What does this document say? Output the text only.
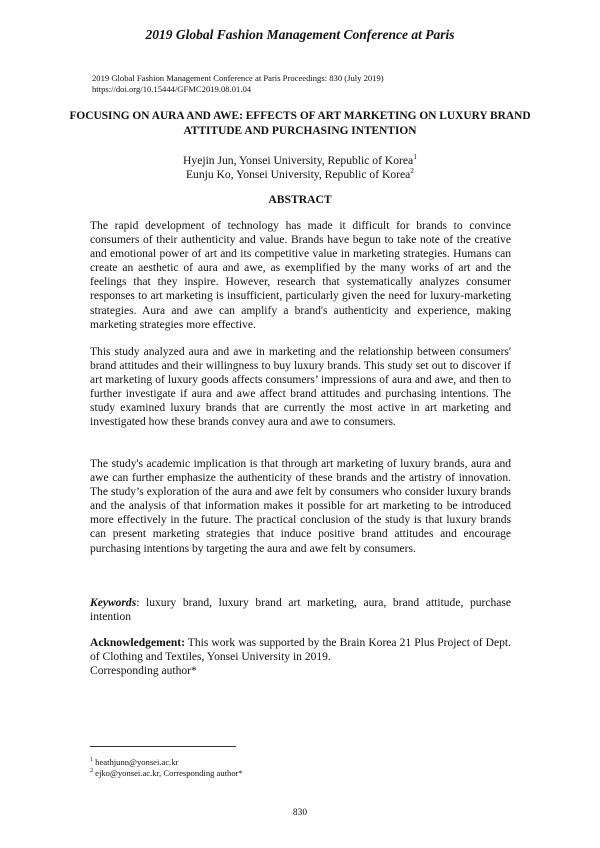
2019 Global Fashion Management Conference at Paris
2019 Global Fashion Management Conference at Paris Proceedings: 830 (July 2019)
https://doi.org/10.15444/GFMC2019.08.01.04
FOCUSING ON AURA AND AWE: EFFECTS OF ART MARKETING ON LUXURY BRAND ATTITUDE AND PURCHASING INTENTION
Hyejin Jun, Yonsei University, Republic of Korea$^1$
Eunju Ko, Yonsei University, Republic of Korea$^2$
ABSTRACT
The rapid development of technology has made it difficult for brands to convince consumers of their authenticity and value. Brands have begun to take note of the creative and emotional power of art and its competitive value in marketing strategies. Humans can create an aesthetic of aura and awe, as exemplified by the many works of art and the feelings that they inspire. However, research that systematically analyzes consumer responses to art marketing is insufficient, particularly given the need for luxury-marketing strategies. Aura and awe can amplify a brand's authenticity and experience, making marketing strategies more effective.
This study analyzed aura and awe in marketing and the relationship between consumers' brand attitudes and their willingness to buy luxury brands. This study set out to discover if art marketing of luxury goods affects consumers’ impressions of aura and awe, and then to further investigate if aura and awe affect brand attitudes and purchasing intentions. The study examined luxury brands that are currently the most active in art marketing and investigated how these brands convey aura and awe to consumers.
The study's academic implication is that through art marketing of luxury brands, aura and awe can further emphasize the authenticity of these brands and the artistry of innovation. The study’s exploration of the aura and awe felt by consumers who consider luxury brands and the analysis of that information makes it possible for art marketing to be introduced more effectively in the future. The practical conclusion of the study is that luxury brands can present marketing strategies that induce positive brand attitudes and encourage purchasing intentions by targeting the aura and awe felt by consumers.
Keywords: luxury brand, luxury brand art marketing, aura, brand attitude, purchase intention
Acknowledgement: This work was supported by the Brain Korea 21 Plus Project of Dept. of Clothing and Textiles, Yonsei University in 2019.
Corresponding author*
$^1$ heathjunn@yonsei.ac.kr
$^2$ ejko@yonsei.ac.kr, Corresponding author*
830
